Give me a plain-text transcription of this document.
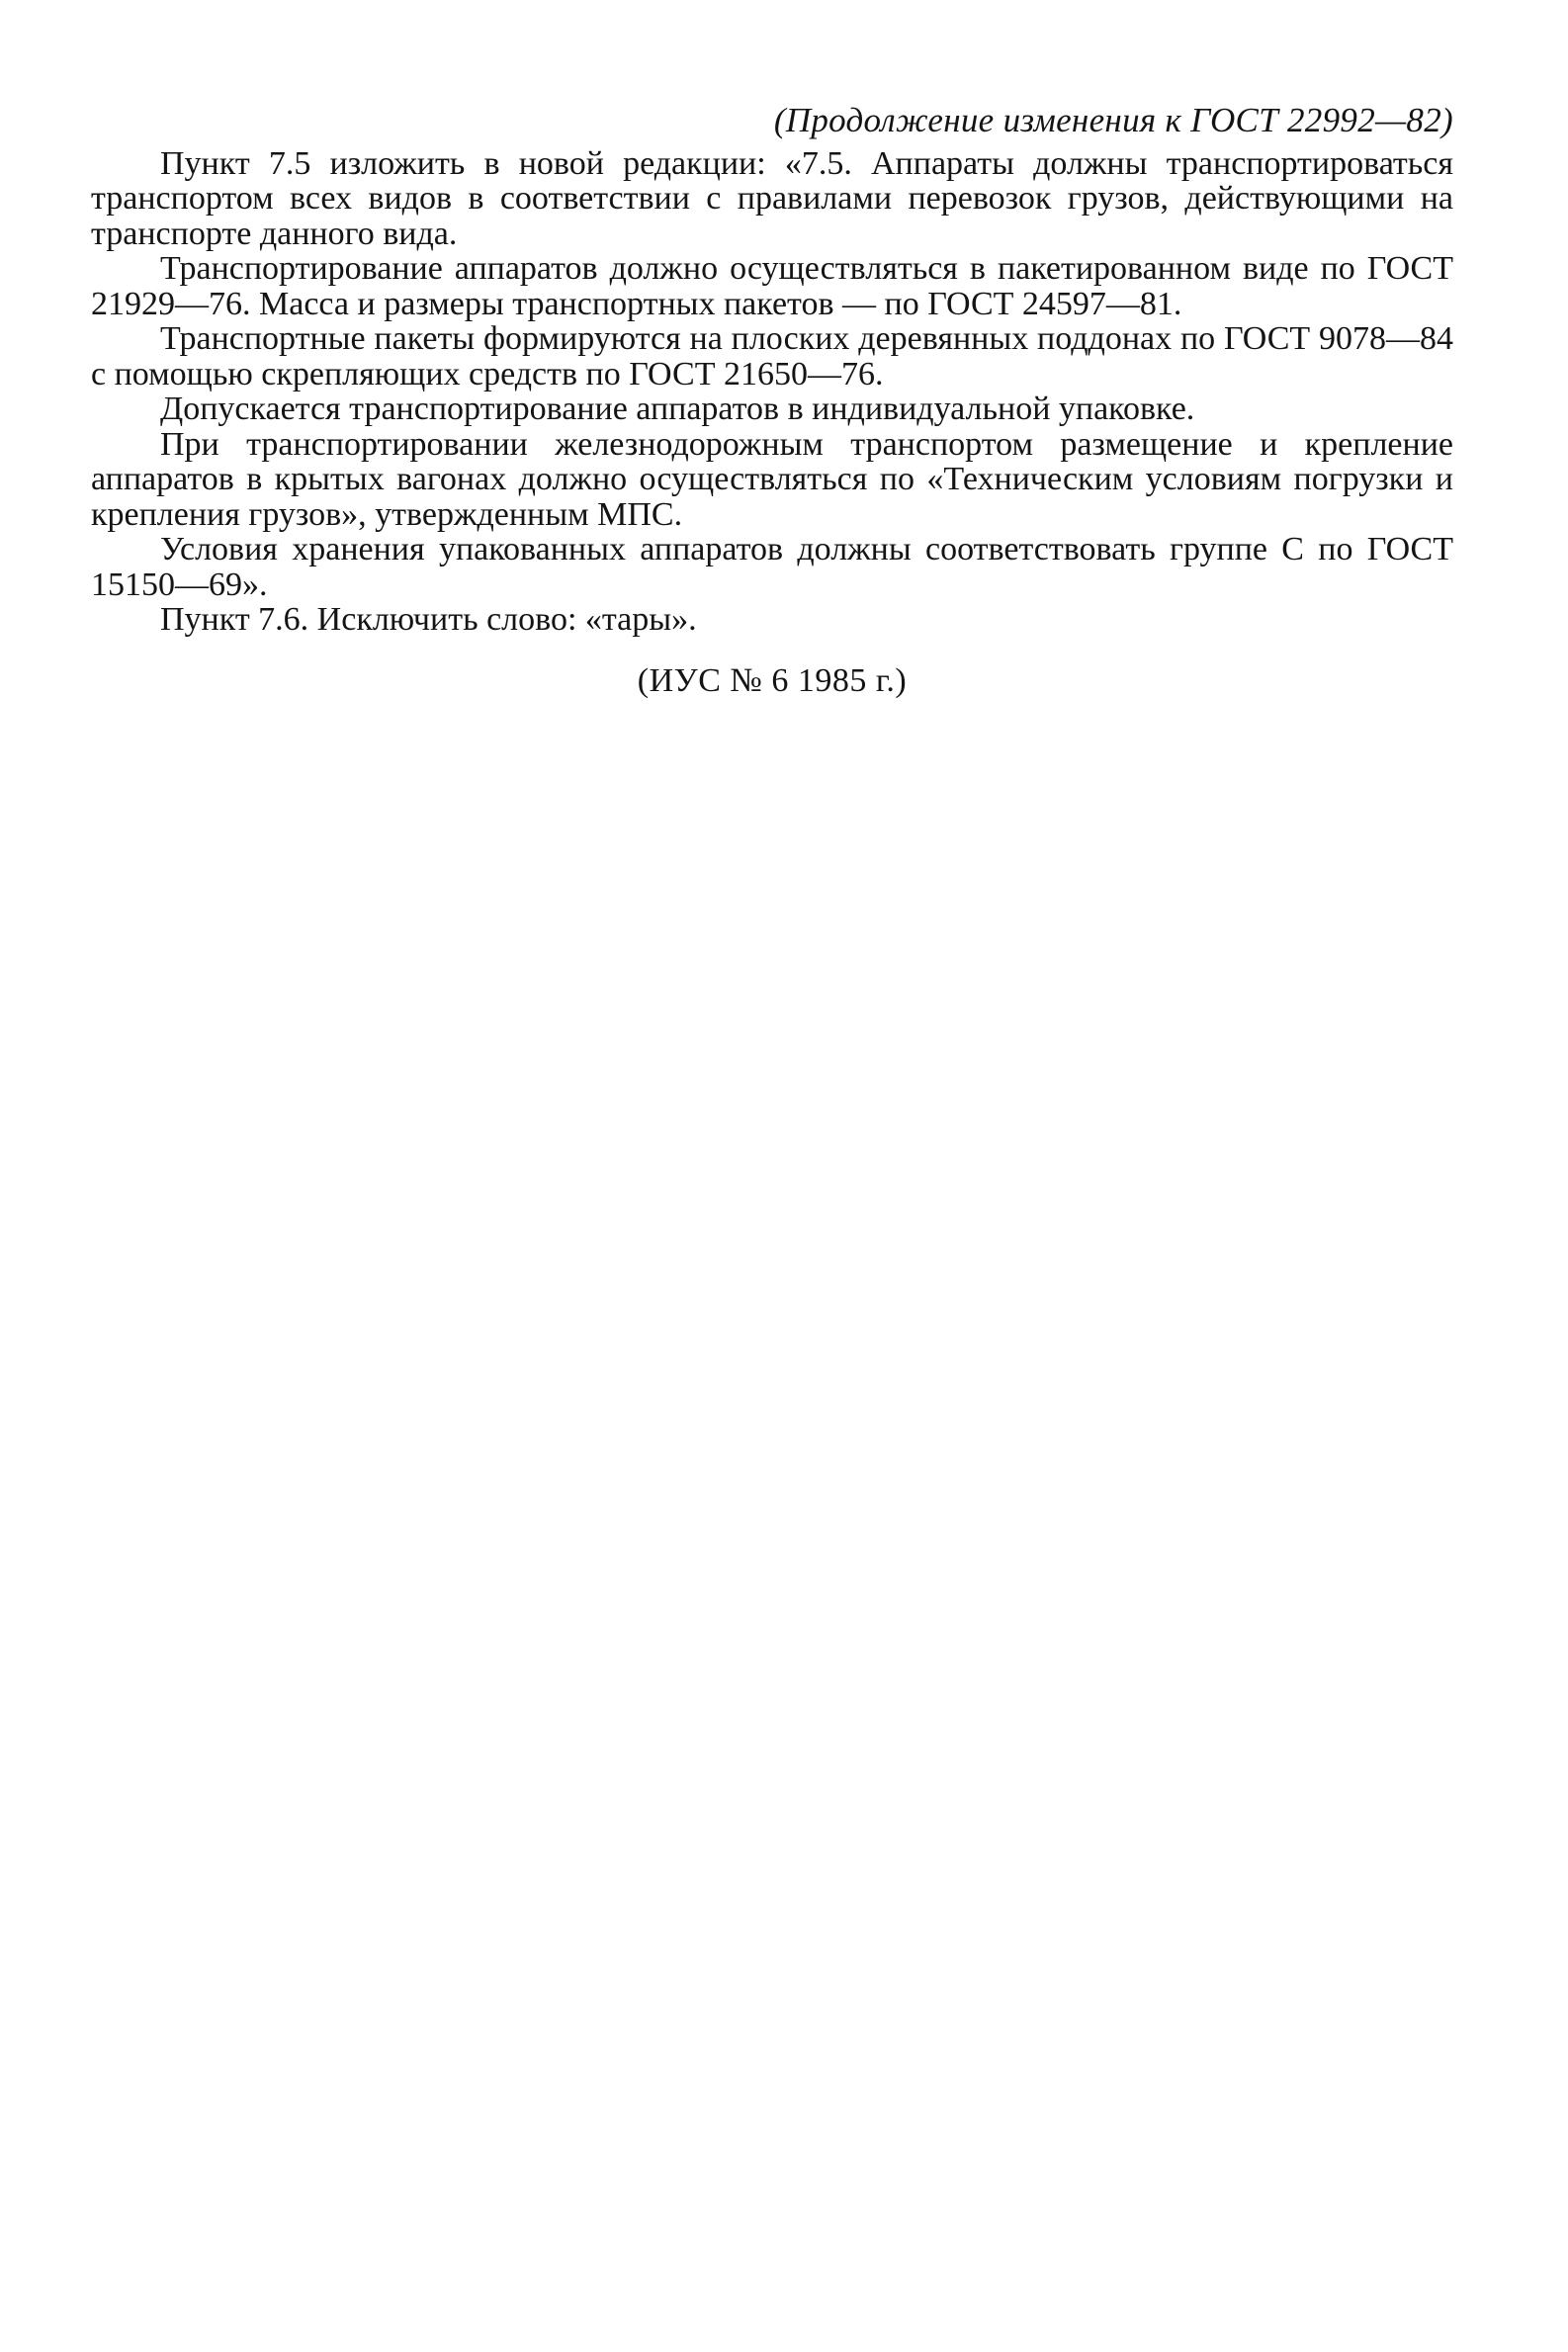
(Продолжение изменения к ГОСТ 22992—82)

Пункт 7.5 изложить в новой редакции: «7.5. Аппараты должны транспортироваться транспортом всех видов в соответствии с правилами перевозок грузов, действующими на транспорте данного вида.

Транспортирование аппаратов должно осуществляться в пакетированном виде по ГОСТ 21929—76. Масса и размеры транспортных пакетов — по ГОСТ 24597—81.

Транспортные пакеты формируются на плоских деревянных поддонах по ГОСТ 9078—84 с помощью скрепляющих средств по ГОСТ 21650—76.

Допускается транспортирование аппаратов в индивидуальной упаковке.

При транспортировании железнодорожным транспортом размещение и крепление аппаратов в крытых вагонах должно осуществляться по «Техническим условиям погрузки и крепления грузов», утвержденным МПС.

Условия хранения упакованных аппаратов должны соответствовать группе С по ГОСТ 15150—69».

Пункт 7.6. Исключить слово: «тары».

(ИУС № 6 1985 г.)
